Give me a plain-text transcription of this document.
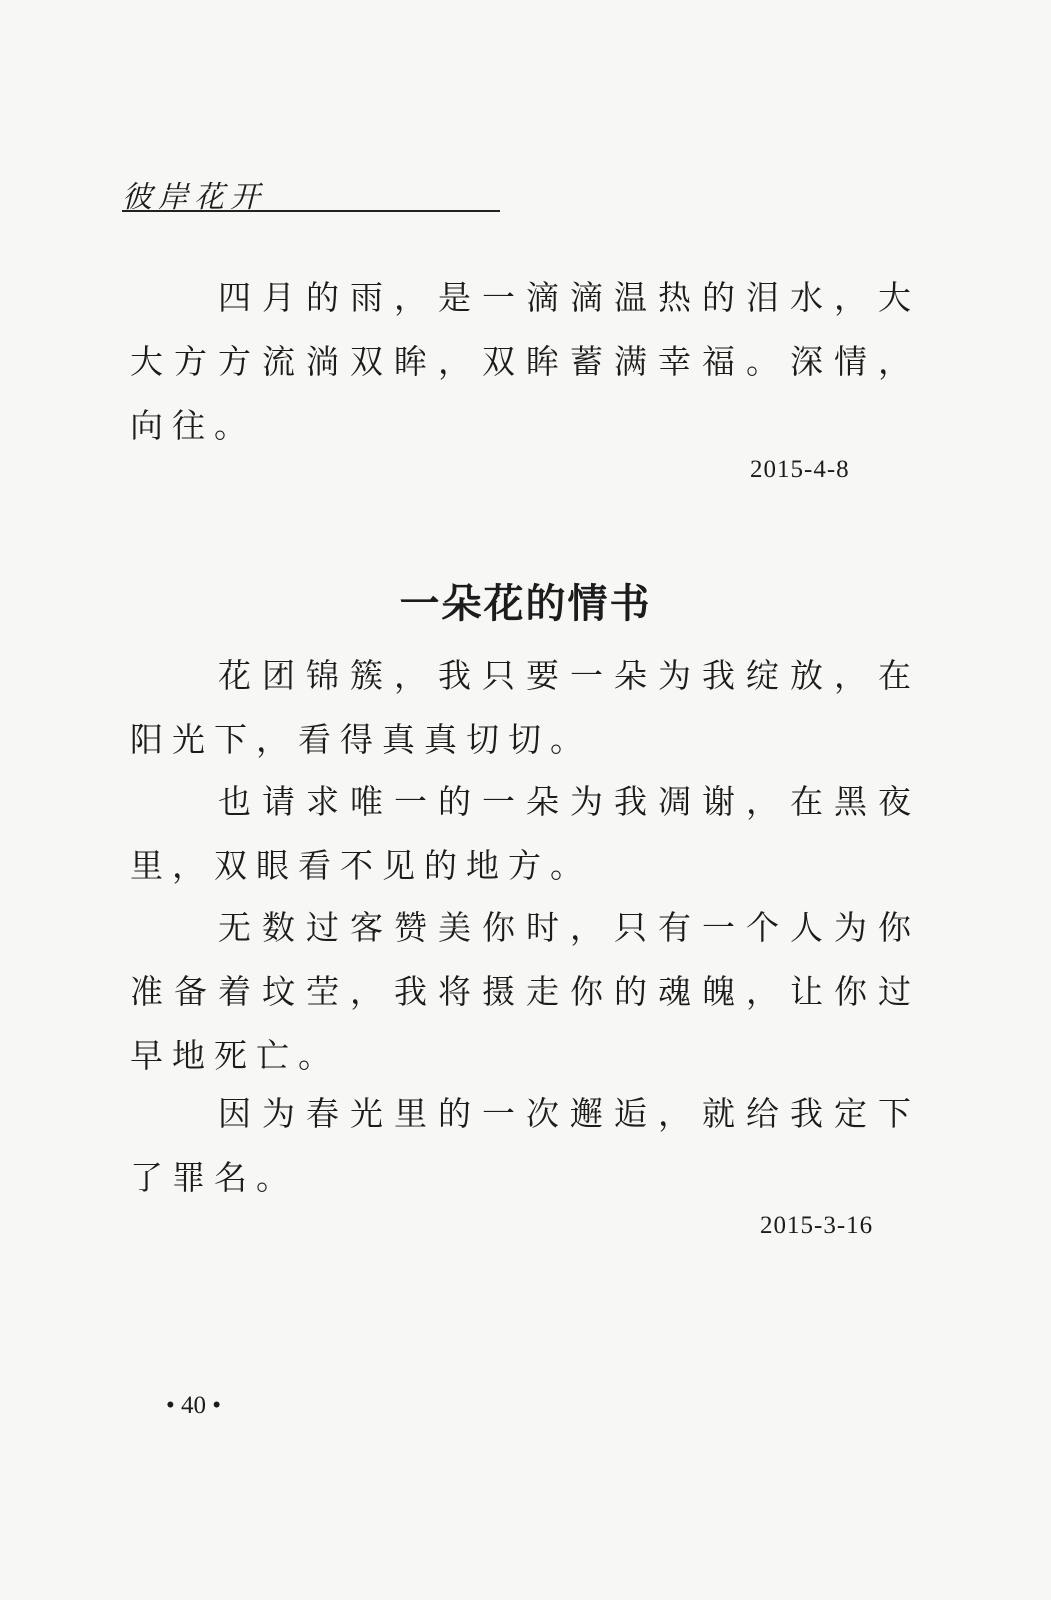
彼岸花开

四月的雨，是一滴滴温热的泪水，大大方方流淌双眸，双眸蓄满幸福。深情，向往。

2015-4-8
一朵花的情书

花团锦簇，我只要一朵为我绽放，在阳光下，看得真真切切。

也请求唯一的一朵为我凋谢，在黑夜里，双眼看不见的地方。

无数过客赞美你时，只有一个人为你准备着坟茔，我将摄走你的魂魄，让你过早地死亡。

因为春光里的一次邂逅，就给我定下了罪名。

2015-3-16
• 40 •
